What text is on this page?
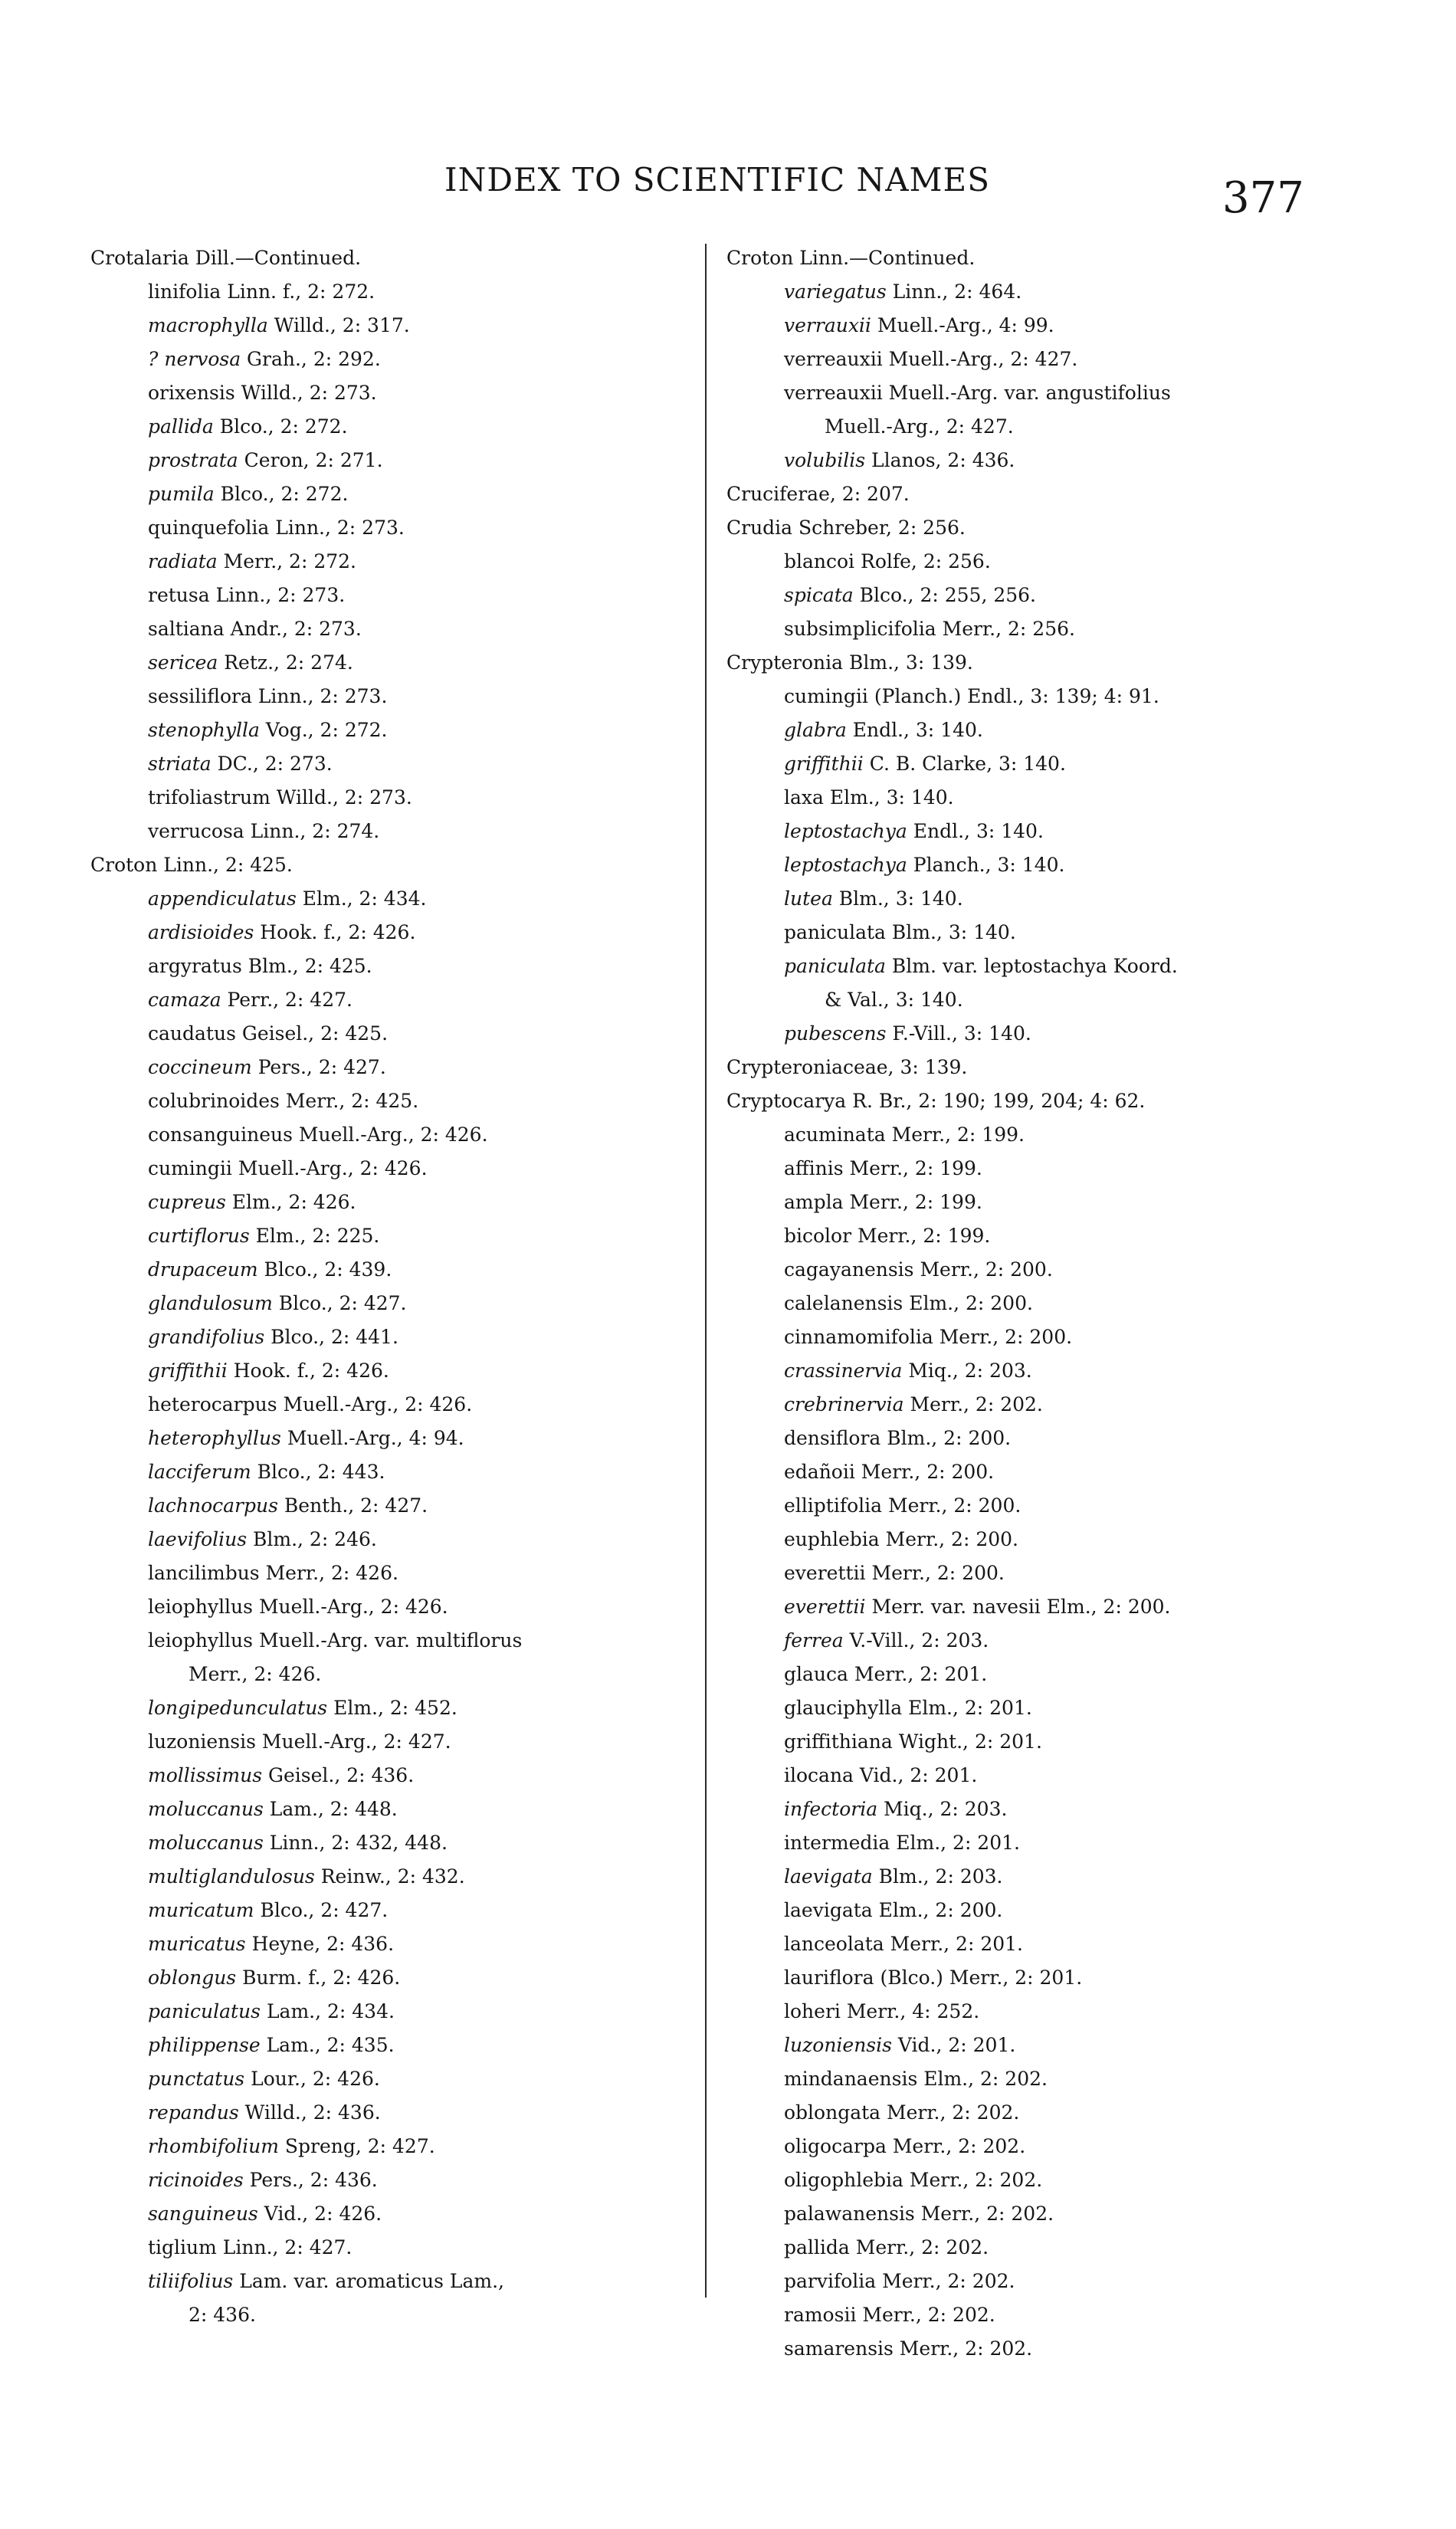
INDEX TO SCIENTIFIC NAMES	377
Crotalaria Dill.—Continued.
linifolia Linn. f., 2: 272.
macrophylla Willd., 2: 317.
? nervosa Grah., 2: 292.
orixensis Willd., 2: 273.
pallida Blco., 2: 272.
prostrata Ceron, 2: 271.
pumila Blco., 2: 272.
quinquefolia Linn., 2: 273.
radiata Merr., 2: 272.
retusa Linn., 2: 273.
saltiana Andr., 2: 273.
sericea Retz., 2: 274.
sessiliflora Linn., 2: 273.
stenophylla Vog., 2: 272.
striata DC., 2: 273.
trifoliastrum Willd., 2: 273.
verrucosa Linn., 2: 274.
Croton Linn., 2: 425.
appendiculatus Elm., 2: 434.
ardisioides Hook. f., 2: 426.
argyratus Blm., 2: 425.
camaza Perr., 2: 427.
caudatus Geisel., 2: 425.
coccineum Pers., 2: 427.
colubrinoides Merr., 2: 425.
consanguineus Muell.-Arg., 2: 426.
cumingii Muell.-Arg., 2: 426.
cupreus Elm., 2: 426.
curtiflorus Elm., 2: 225.
drupaceum Blco., 2: 439.
glandulosum Blco., 2: 427.
grandifolius Blco., 2: 441.
griffithii Hook. f., 2: 426.
heterocarpus Muell.-Arg., 2: 426.
heterophyllus Muell.-Arg., 4: 94.
lacciferum Blco., 2: 443.
lachnocarpus Benth., 2: 427.
laevifolius Blm., 2: 246.
lancilimbus Merr., 2: 426.
leiophyllus Muell.-Arg., 2: 426.
leiophyllus Muell.-Arg. var. multiflorus
Merr., 2: 426.
longipedunculatus Elm., 2: 452.
luzoniensis Muell.-Arg., 2: 427.
mollissimus Geisel., 2: 436.
moluccanus Lam., 2: 448.
moluccanus Linn., 2: 432, 448.
multiglandulosus Reinw., 2: 432.
muricatum Blco., 2: 427.
muricatus Heyne, 2: 436.
oblongus Burm. f., 2: 426.
paniculatus Lam., 2: 434.
philippense Lam., 2: 435.
punctatus Lour., 2: 426.
repandus Willd., 2: 436.
rhombifolium Spreng, 2: 427.
ricinoides Pers., 2: 436.
sanguineus Vid., 2: 426.
tiglium Linn., 2: 427.
tiliifolius Lam. var. aromaticus Lam.,
2: 436.
Croton Linn.—Continued.
variegatus Linn., 2: 464.
verrauxii Muell.-Arg., 4: 99.
verreauxii Muell.-Arg., 2: 427.
verreauxii Muell.-Arg. var. angustifolius
Muell.-Arg., 2: 427.
volubilis Llanos, 2: 436.
Cruciferae, 2: 207.
Crudia Schreber, 2: 256.
blancoi Rolfe, 2: 256.
spicata Blco., 2: 255, 256.
subsimplicifolia Merr., 2: 256.
Crypteronia Blm., 3: 139.
cumingii (Planch.) Endl., 3: 139; 4: 91.
glabra Endl., 3: 140.
griffithii C. B. Clarke, 3: 140.
laxa Elm., 3: 140.
leptostachya Endl., 3: 140.
leptostachya Planch., 3: 140.
lutea Blm., 3: 140.
paniculata Blm., 3: 140.
paniculata Blm. var. leptostachya Koord.
& Val., 3: 140.
pubescens F.-Vill., 3: 140.
Crypteroniaceae, 3: 139.
Cryptocarya R. Br., 2: 190; 199, 204; 4: 62.
acuminata Merr., 2: 199.
affinis Merr., 2: 199.
ampla Merr., 2: 199.
bicolor Merr., 2: 199.
cagayanensis Merr., 2: 200.
calelanensis Elm., 2: 200.
cinnamomifolia Merr., 2: 200.
crassinervia Miq., 2: 203.
crebrinervia Merr., 2: 202.
densiflora Blm., 2: 200.
edañoii Merr., 2: 200.
elliptifolia Merr., 2: 200.
euphlebia Merr., 2: 200.
everettii Merr., 2: 200.
everettii Merr. var. navesii Elm., 2: 200.
ferrea V.-Vill., 2: 203.
glauca Merr., 2: 201.
glauciphylla Elm., 2: 201.
griffithiana Wight., 2: 201.
ilocana Vid., 2: 201.
infectoria Miq., 2: 203.
intermedia Elm., 2: 201.
laevigata Blm., 2: 203.
laevigata Elm., 2: 200.
lanceolata Merr., 2: 201.
lauriflora (Blco.) Merr., 2: 201.
loheri Merr., 4: 252.
luzoniensis Vid., 2: 201.
mindanaensis Elm., 2: 202.
oblongata Merr., 2: 202.
oligocarpa Merr., 2: 202.
oligophlebia Merr., 2: 202.
palawanensis Merr., 2: 202.
pallida Merr., 2: 202.
parvifolia Merr., 2: 202.
ramosii Merr., 2: 202.
samarensis Merr., 2: 202.
